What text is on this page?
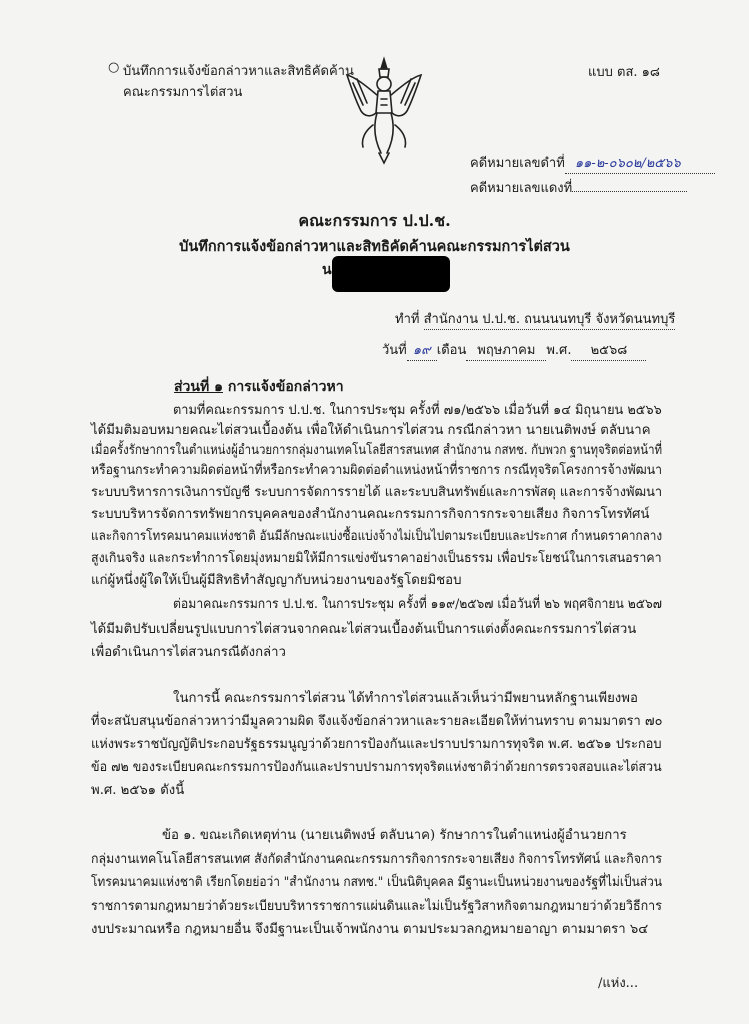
○ บันทึกการแจ้งข้อกล่าวหาและสิทธิคัดค้าน
คณะกรรมการไต่สวน
แบบ ตส. ๑๘
คดีหมายเลขดำที่ ๑๑-๒-๐๖๐๒/๒๕๖๖
คดีหมายเลขแดงที่
คณะกรรมการ ป.ป.ช.
บันทึกการแจ้งข้อกล่าวหาและสิทธิคัดค้านคณะกรรมการไต่สวน
น
ทำที่ สำนักงาน ป.ป.ช. ถนนนนทบุรี จังหวัดนนทบุรี
วันที่ ๑๙ เดือน พฤษภาคม พ.ศ. ๒๕๖๘
ส่วนที่ ๑ การแจ้งข้อกล่าวหา
ตามที่คณะกรรมการ ป.ป.ช. ในการประชุม ครั้งที่ ๗๑/๒๕๖๖ เมื่อวันที่ ๑๔ มิถุนายน ๒๕๖๖
ได้มีมติมอบหมายคณะไต่สวนเบื้องต้น เพื่อให้ดำเนินการไต่สวน กรณีกล่าวหา นายเนติพงษ์ ตลับนาค
เมื่อครั้งรักษาการในตำแหน่งผู้อำนวยการกลุ่มงานเทคโนโลยีสารสนเทศ สำนักงาน กสทช. กับพวก ฐานทุจริตต่อหน้าที่
หรือฐานกระทำความผิดต่อหน้าที่หรือกระทำความผิดต่อตำแหน่งหน้าที่ราชการ กรณีทุจริตโครงการจ้างพัฒนา
ระบบบริหารการเงินการบัญชี ระบบการจัดการรายได้ และระบบสินทรัพย์และการพัสดุ และการจ้างพัฒนา
ระบบบริหารจัดการทรัพยากรบุคคลของสำนักงานคณะกรรมการกิจการกระจายเสียง กิจการโทรทัศน์
และกิจการโทรคมนาคมแห่งชาติ อันมีลักษณะแบ่งซื้อแบ่งจ้างไม่เป็นไปตามระเบียบและประกาศ กำหนดราคากลาง
สูงเกินจริง และกระทำการโดยมุ่งหมายมิให้มีการแข่งขันราคาอย่างเป็นธรรม เพื่อประโยชน์ในการเสนอราคา
แก่ผู้หนึ่งผู้ใดให้เป็นผู้มีสิทธิทำสัญญากับหน่วยงานของรัฐโดยมิชอบ
ต่อมาคณะกรรมการ ป.ป.ช. ในการประชุม ครั้งที่ ๑๑๙/๒๕๖๗ เมื่อวันที่ ๒๖ พฤศจิกายน ๒๕๖๗
ได้มีมติปรับเปลี่ยนรูปแบบการไต่สวนจากคณะไต่สวนเบื้องต้นเป็นการแต่งตั้งคณะกรรมการไต่สวน
เพื่อดำเนินการไต่สวนกรณีดังกล่าว
ในการนี้ คณะกรรมการไต่สวน ได้ทำการไต่สวนแล้วเห็นว่ามีพยานหลักฐานเพียงพอ
ที่จะสนับสนุนข้อกล่าวหาว่ามีมูลความผิด จึงแจ้งข้อกล่าวหาและรายละเอียดให้ท่านทราบ ตามมาตรา ๗๐
แห่งพระราชบัญญัติประกอบรัฐธรรมนูญว่าด้วยการป้องกันและปราบปรามการทุจริต พ.ศ. ๒๕๖๑ ประกอบ
ข้อ ๗๒ ของระเบียบคณะกรรมการป้องกันและปราบปรามการทุจริตแห่งชาติว่าด้วยการตรวจสอบและไต่สวน
พ.ศ. ๒๕๖๑ ดังนี้
ข้อ ๑. ขณะเกิดเหตุท่าน (นายเนติพงษ์ ตลับนาค) รักษาการในตำแหน่งผู้อำนวยการ
กลุ่มงานเทคโนโลยีสารสนเทศ สังกัดสำนักงานคณะกรรมการกิจการกระจายเสียง กิจการโทรทัศน์ และกิจการ
โทรคมนาคมแห่งชาติ เรียกโดยย่อว่า "สำนักงาน กสทช." เป็นนิติบุคคล มีฐานะเป็นหน่วยงานของรัฐที่ไม่เป็นส่วน
ราชการตามกฎหมายว่าด้วยระเบียบบริหารราชการแผ่นดินและไม่เป็นรัฐวิสาหกิจตามกฎหมายว่าด้วยวิธีการ
งบประมาณหรือ กฎหมายอื่น จึงมีฐานะเป็นเจ้าพนักงาน ตามประมวลกฎหมายอาญา ตามมาตรา ๖๔
/แห่ง...
